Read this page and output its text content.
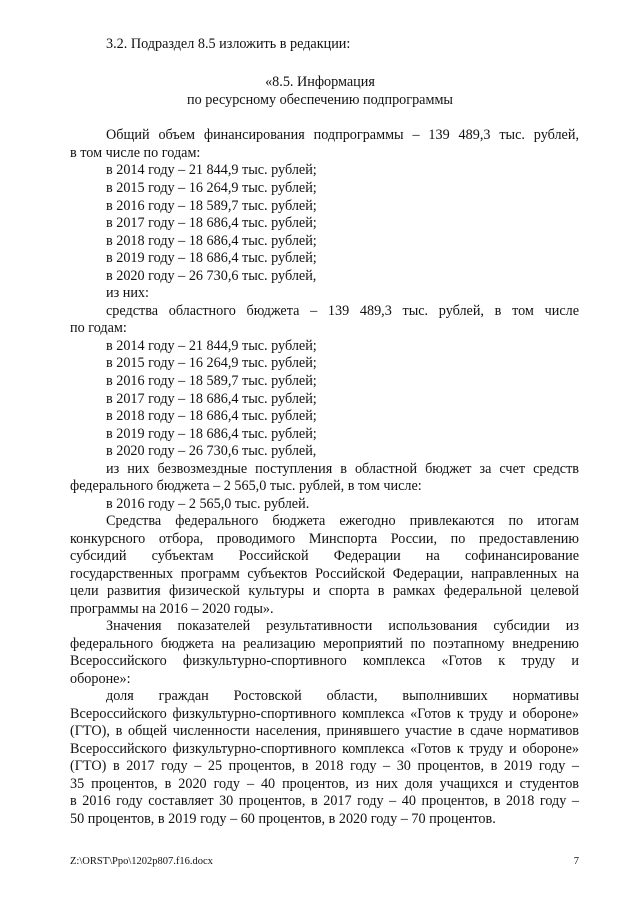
3.2. Подраздел 8.5 изложить в редакции:
«8.5. Информация
по ресурсному обеспечению подпрограммы
Общий объем финансирования подпрограммы – 139 489,3 тыс. рублей,
в том числе по годам:
в 2014 году – 21 844,9 тыс. рублей;
в 2015 году – 16 264,9 тыс. рублей;
в 2016 году – 18 589,7 тыс. рублей;
в 2017 году – 18 686,4 тыс. рублей;
в 2018 году – 18 686,4 тыс. рублей;
в 2019 году – 18 686,4 тыс. рублей;
в 2020 году – 26 730,6 тыс. рублей,
из них:
средства областного бюджета – 139 489,3 тыс. рублей, в том числе
по годам:
в 2014 году – 21 844,9 тыс. рублей;
в 2015 году – 16 264,9 тыс. рублей;
в 2016 году – 18 589,7 тыс. рублей;
в 2017 году – 18 686,4 тыс. рублей;
в 2018 году – 18 686,4 тыс. рублей;
в 2019 году – 18 686,4 тыс. рублей;
в 2020 году – 26 730,6 тыс. рублей,
из них безвозмездные поступления в областной бюджет за счет средств
федерального бюджета – 2 565,0 тыс. рублей, в том числе:
в 2016 году – 2 565,0 тыс. рублей.
Средства федерального бюджета ежегодно привлекаются по итогам
конкурсного отбора, проводимого Минспорта России, по предоставлению
субсидий субъектам Российской Федерации на софинансирование
государственных программ субъектов Российской Федерации, направленных на
цели развития физической культуры и спорта в рамках федеральной целевой
программы на 2016 – 2020 годы».
Значения показателей результативности использования субсидии из
федерального бюджета на реализацию мероприятий по поэтапному внедрению
Всероссийского физкультурно-спортивного комплекса «Готов к труду и
обороне»:
доля граждан Ростовской области, выполнивших нормативы
Всероссийского физкультурно-спортивного комплекса «Готов к труду и обороне»
(ГТО), в общей численности населения, принявшего участие в сдаче нормативов
Всероссийского физкультурно-спортивного комплекса «Готов к труду и обороне»
(ГТО) в 2017 году – 25 процентов, в 2018 году – 30 процентов, в 2019 году –
35 процентов, в 2020 году – 40 процентов, из них доля учащихся и студентов
в 2016 году составляет 30 процентов, в 2017 году – 40 процентов, в 2018 году –
50 процентов, в 2019 году – 60 процентов, в 2020 году – 70 процентов.
Z:\ORST\Ppo\1202p807.f16.docx	7
